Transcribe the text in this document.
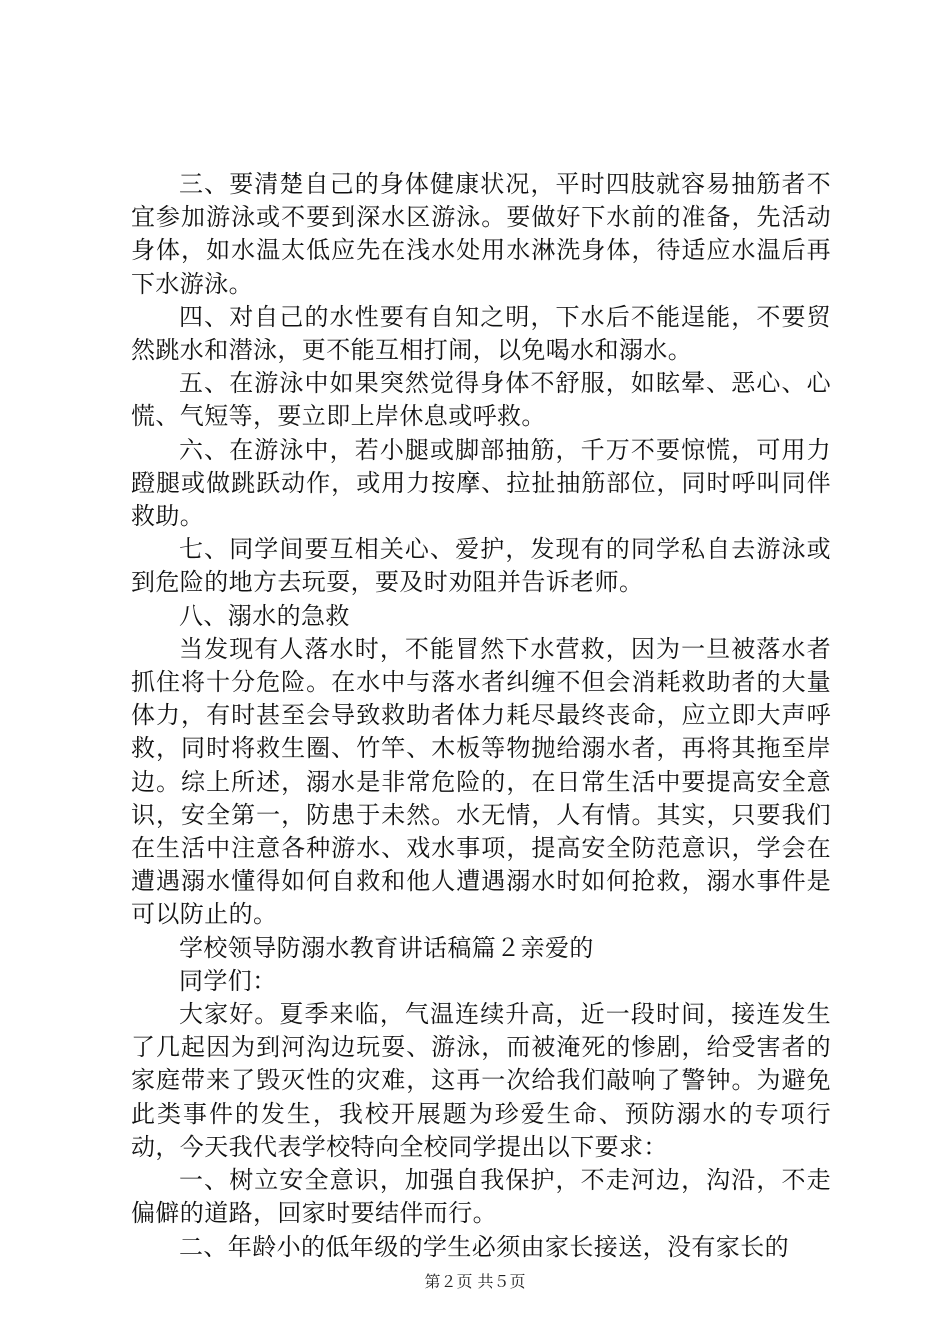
三、要清楚自己的身体健康状况，平时四肢就容易抽筋者不宜参加游泳或不要到深水区游泳。要做好下水前的准备，先活动身体，如水温太低应先在浅水处用水淋洗身体，待适应水温后再下水游泳。

四、对自己的水性要有自知之明，下水后不能逞能，不要贸然跳水和潜泳，更不能互相打闹，以免喝水和溺水。

五、在游泳中如果突然觉得身体不舒服，如眩晕、恶心、心慌、气短等，要立即上岸休息或呼救。

六、在游泳中，若小腿或脚部抽筋，千万不要惊慌，可用力蹬腿或做跳跃动作，或用力按摩、拉扯抽筋部位，同时呼叫同伴救助。

七、同学间要互相关心、爱护，发现有的同学私自去游泳或到危险的地方去玩耍，要及时劝阻并告诉老师。

八、溺水的急救

当发现有人落水时，不能冒然下水营救，因为一旦被落水者抓住将十分危险。在水中与落水者纠缠不但会消耗救助者的大量体力，有时甚至会导致救助者体力耗尽最终丧命，应立即大声呼救，同时将救生圈、竹竿、木板等物抛给溺水者，再将其拖至岸边。综上所述，溺水是非常危险的，在日常生活中要提高安全意识，安全第一，防患于未然。水无情，人有情。其实，只要我们在生活中注意各种游水、戏水事项，提高安全防范意识，学会在遭遇溺水懂得如何自救和他人遭遇溺水时如何抢救，溺水事件是可以防止的。

学校领导防溺水教育讲话稿篇２亲爱的

同学们：

大家好。夏季来临，气温连续升高，近一段时间，接连发生了几起因为到河沟边玩耍、游泳，而被淹死的惨剧，给受害者的家庭带来了毁灭性的灾难，这再一次给我们敲响了警钟。为避免此类事件的发生，我校开展题为珍爱生命、预防溺水的专项行动，今天我代表学校特向全校同学提出以下要求：

一、树立安全意识，加强自我保护，不走河边，沟沿，不走偏僻的道路，回家时要结伴而行。

二、年龄小的低年级的学生必须由家长接送，没有家长的

第２页 共５页
